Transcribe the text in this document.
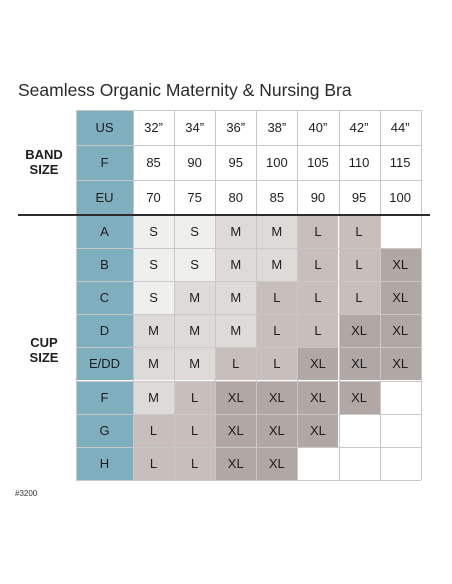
Seamless Organic Maternity & Nursing Bra
BAND
SIZE
CUP
SIZE
US	32”	34”	36”	38”	40”	42”	44”
F	85	90	95	100	105	110	115
EU	70	75	80	85	90	95	100
A	S	S	M	M	L	L
B	S	S	M	M	L	L	XL
C	S	M	M	L	L	L	XL
D	M	M	M	L	L	XL	XL
E/DD	M	M	L	L	XL	XL	XL
F	M	L	XL	XL	XL	XL
G	L	L	XL	XL	XL
H	L	L	XL	XL
#3200
